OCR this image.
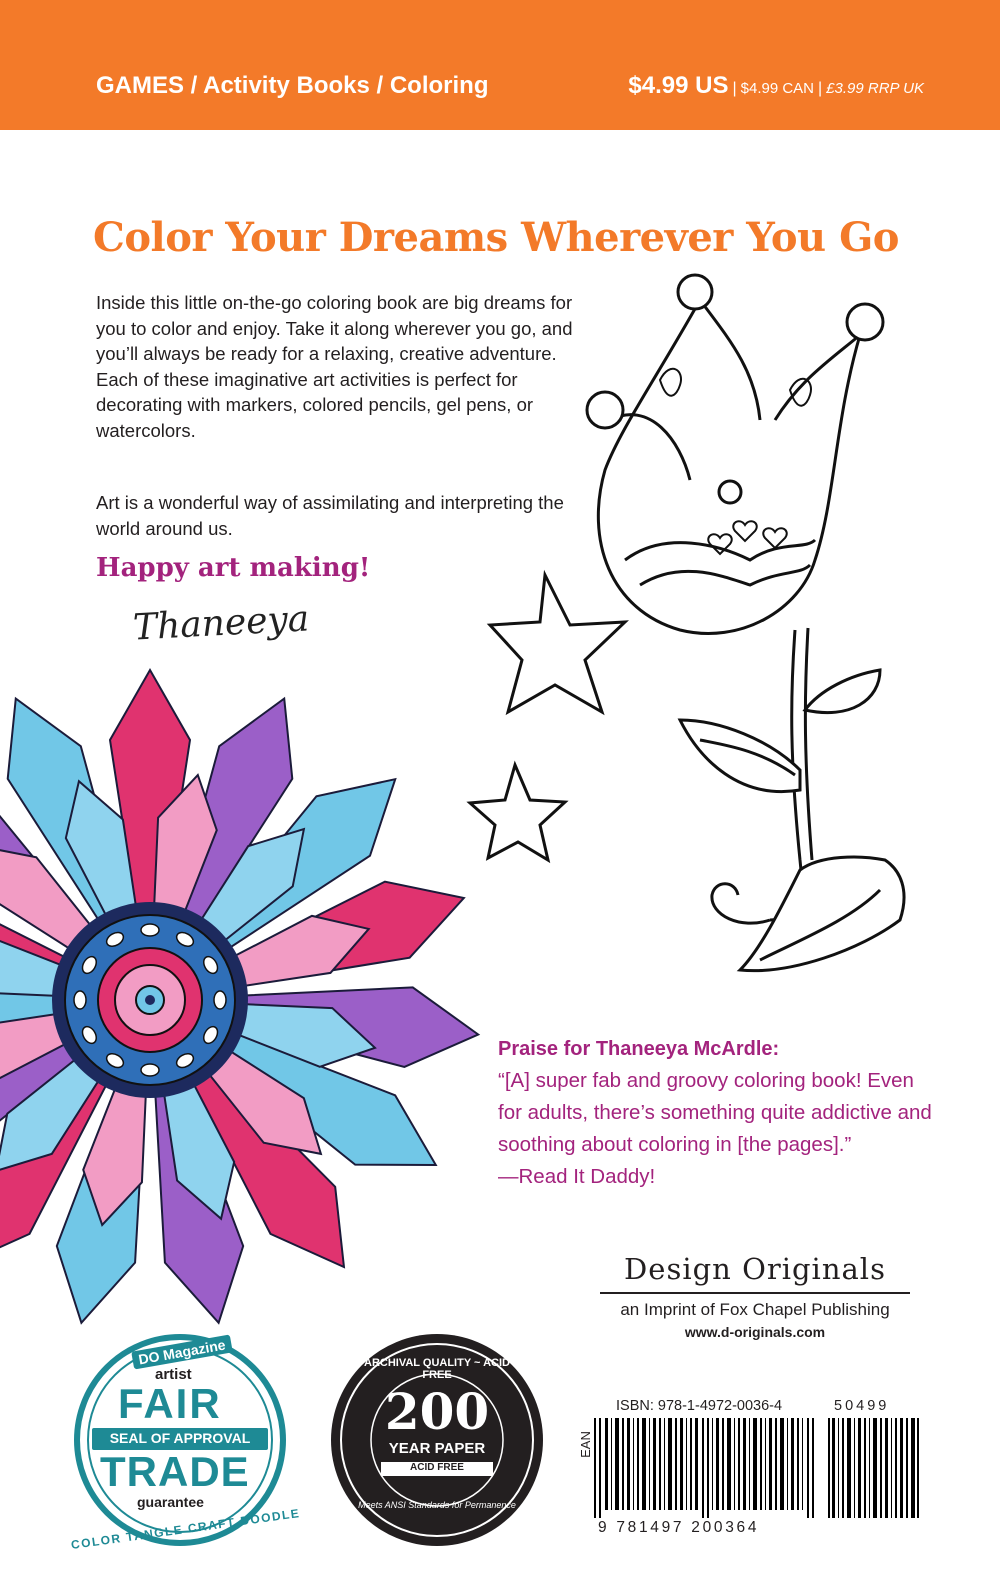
GAMES / Activity Books / Coloring	$4.99 US | $4.99 CAN | £3.99 RRP UK
Color Your Dreams Wherever You Go

Inside this little on-the-go coloring book are big dreams for you to color and enjoy. Take it along wherever you go, and you’ll always be ready for a relaxing, creative adventure. Each of these imaginative art activities is perfect for decorating with markers, colored pencils, gel pens, or watercolors.

Art is a wonderful way of assimilating and interpreting the world around us.

Happy art making!
Thaneeya
DO Magazine
artist
FAIR
SEAL OF APPROVAL
TRADE
guarantee
COLOR TANGLE CRAFT DOODLE
ARCHIVAL QUALITY ~ ACID FREE
200
YEAR PAPER
ACID FREE
Meets ANSI Standards for Permanence

Praise for Thaneeya McArdle:

“[A] super fab and groovy coloring book! Even for adults, there’s something quite addictive and soothing about coloring in [the pages].”

—Read It Daddy!

Design Originals
an Imprint of Fox Chapel Publishing
www.d-originals.com
ISBN: 978-1-4972-0036-4
EAN
50499
9 781497 200364
